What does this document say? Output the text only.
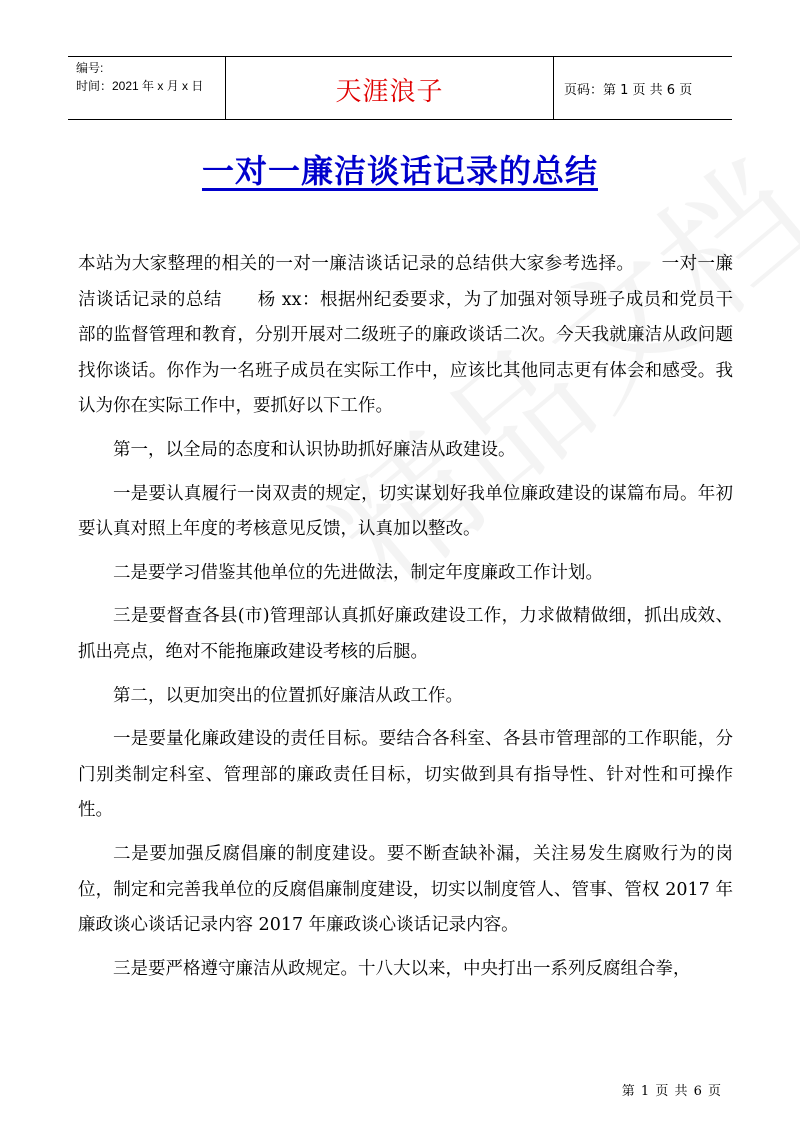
编号:
时间：2021 年 x 月 x 日	天涯浪子	页码：第 1 页 共 6 页
一对一廉洁谈话记录的总结

本站为大家整理的相关的一对一廉洁谈话记录的总结供大家参考选择。　　一对一廉洁谈话记录的总结　　杨 xx：根据州纪委要求，为了加强对领导班子成员和党员干部的监督管理和教育，分别开展对二级班子的廉政谈话二次。今天我就廉洁从政问题找你谈话。你作为一名班子成员在实际工作中，应该比其他同志更有体会和感受。我认为你在实际工作中，要抓好以下工作。

第一，以全局的态度和认识协助抓好廉洁从政建设。

一是要认真履行一岗双责的规定，切实谋划好我单位廉政建设的谋篇布局。年初要认真对照上年度的考核意见反馈，认真加以整改。

二是要学习借鉴其他单位的先进做法，制定年度廉政工作计划。

三是要督查各县(市)管理部认真抓好廉政建设工作，力求做精做细，抓出成效、抓出亮点，绝对不能拖廉政建设考核的后腿。

第二，以更加突出的位置抓好廉洁从政工作。

一是要量化廉政建设的责任目标。要结合各科室、各县市管理部的工作职能，分门别类制定科室、管理部的廉政责任目标，切实做到具有指导性、针对性和可操作性。

二是要加强反腐倡廉的制度建设。要不断查缺补漏，关注易发生腐败行为的岗位，制定和完善我单位的反腐倡廉制度建设，切实以制度管人、管事、管权 2017 年廉政谈心谈话记录内容 2017 年廉政谈心谈话记录内容。

三是要严格遵守廉洁从政规定。十八大以来，中央打出一系列反腐组合拳，

第 1 页 共 6 页
